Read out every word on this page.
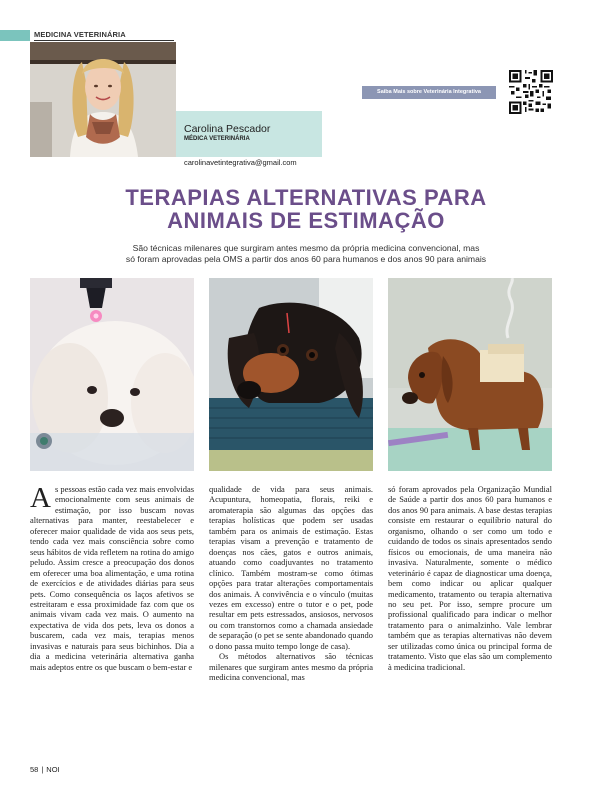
MEDICINA VETERINÁRIA
Carolina Pescador
MÉDICA VETERINÁRIA
carolinavetintegrativa@gmail.com
Saiba Mais sobre Veterinária Integrativa
TERAPIAS ALTERNATIVAS PARA
ANIMAIS DE ESTIMAÇÃO
São técnicas milenares que surgiram antes mesmo da própria medicina convencional, mas
só foram aprovadas pela OMS a partir dos anos 60 para humanos e dos anos 90 para animais

As pessoas estão cada vez mais envolvidas emocionalmente com seus animais de estimação, por isso buscam novas alternativas para manter, reestabelecer e oferecer maior qualidade de vida aos seus pets, tendo cada vez mais consciência sobre como seus hábitos de vida refletem na rotina do amigo peludo. Assim cresce a preocupação dos donos em oferecer uma boa alimentação, e uma rotina de exercícios e de atividades diárias para seus pets. Como consequência os laços afetivos se estreitaram e essa proximidade faz com que os animais vivam cada vez mais. O aumento na expectativa de vida dos pets, leva os donos a buscarem, cada vez mais, terapias menos invasivas e naturais para seus bichinhos. Dia a dia a medicina veterinária alternativa ganha mais adeptos entre os que buscam o bem-estar e

qualidade de vida para seus animais. Acupuntura, homeopatia, florais, reiki e aromaterapia são algumas das opções das terapias holísticas que podem ser usadas também para os animais de estimação. Estas terapias visam a prevenção e tratamento de doenças nos cães, gatos e outros animais, atuando como coadjuvantes no tratamento clínico. Também mostram-se como ótimas opções para tratar alterações comportamentais dos animais. A convivência e o vínculo (muitas vezes em excesso) entre o tutor e o pet, pode resultar em pets estressados, ansiosos, nervosos ou com transtornos como a chamada ansiedade de separação (o pet se sente abandonado quando o dono passa muito tempo longe de casa).

Os métodos alternativos são técnicas milenares que surgiram antes mesmo da própria medicina convencional, mas

só foram aprovados pela Organização Mundial de Saúde a partir dos anos 60 para humanos e dos anos 90 para animais. A base destas terapias consiste em restaurar o equilíbrio natural do organismo, olhando o ser como um todo e cuidando de todos os sinais apresentados sendo físicos ou emocionais, de uma maneira não invasiva. Naturalmente, somente o médico veterinário é capaz de diagnosticar uma doença, bem como indicar ou aplicar qualquer medicamento, tratamento ou terapia alternativa no seu pet. Por isso, sempre procure um profissional qualificado para indicar o melhor tratamento para o animalzinho. Vale lembrar também que as terapias alternativas não devem ser utilizadas como única ou principal forma de tratamento. Visto que elas são um complemento à medicina tradicional.

58 | NOI
